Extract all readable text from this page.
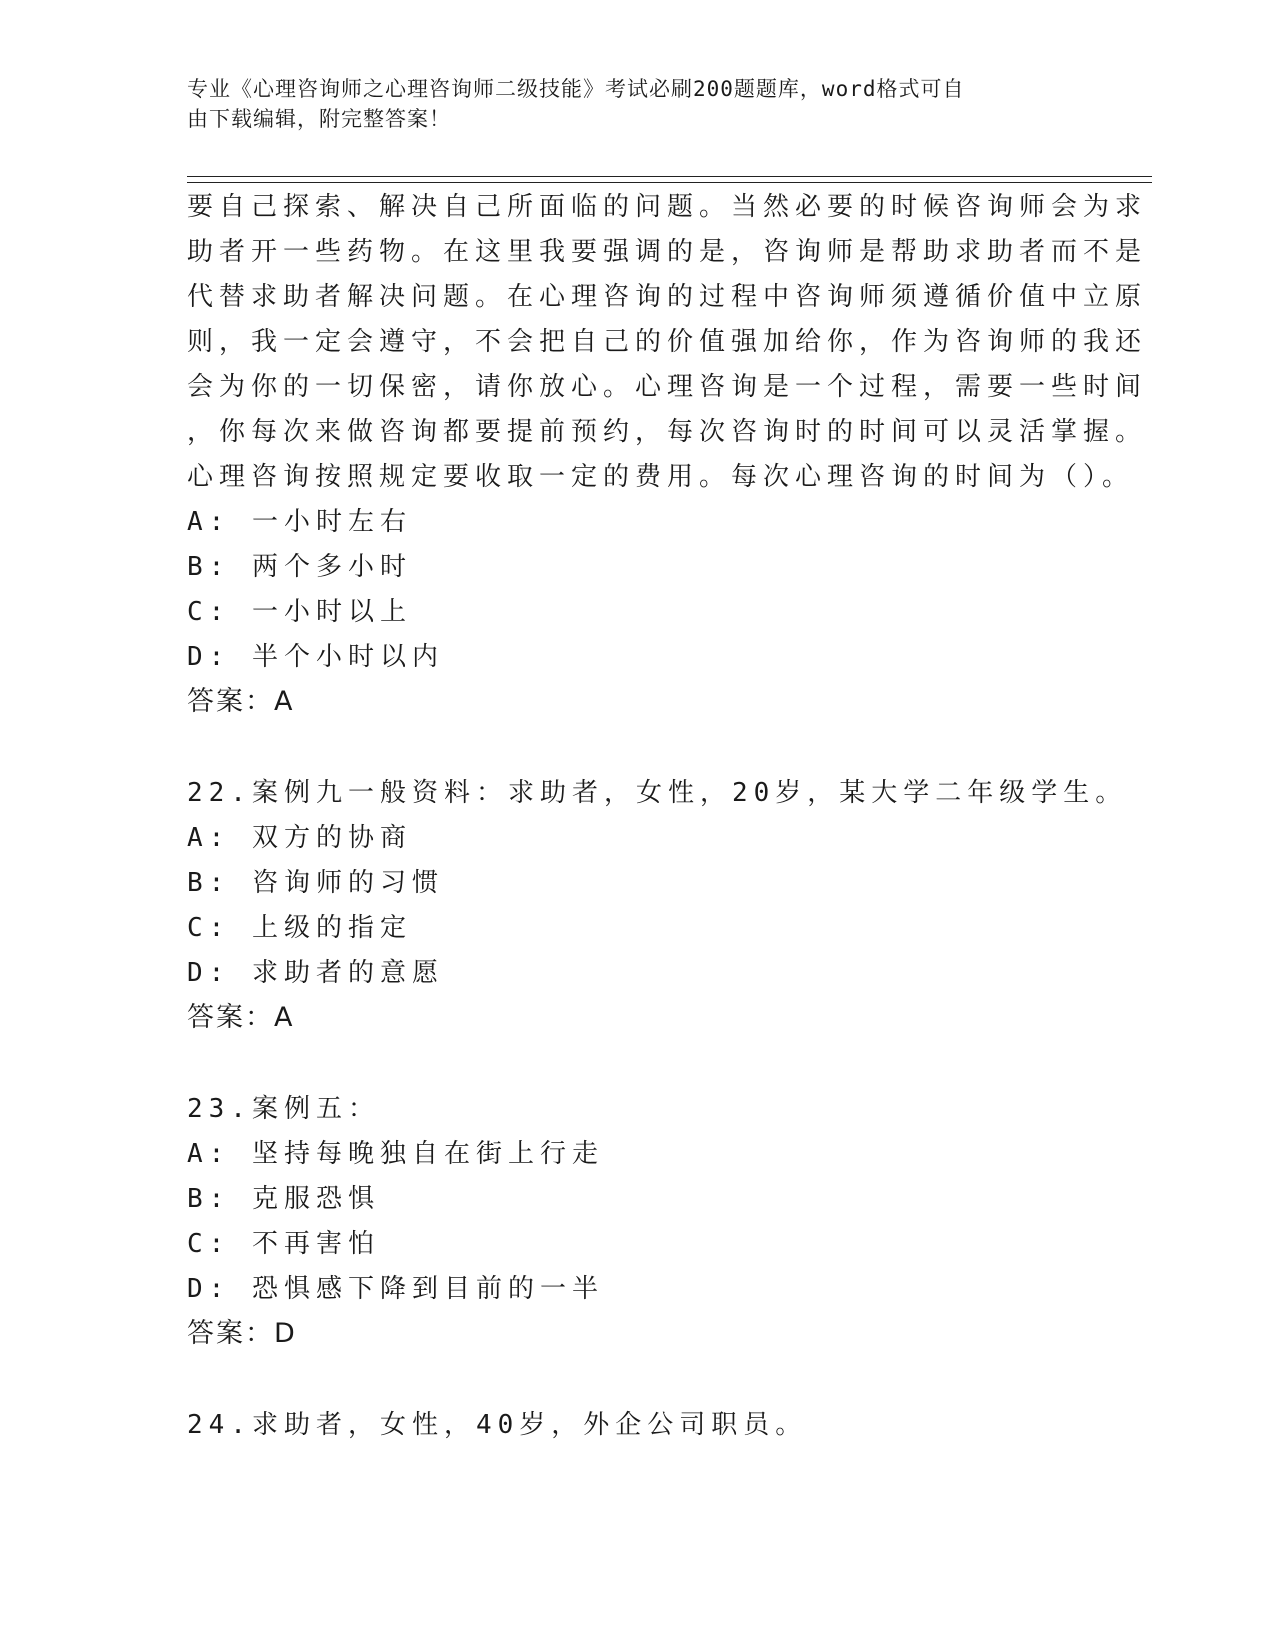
专业《心理咨询师之心理咨询师二级技能》考试必刷200题题库，word格式可自
由下载编辑，附完整答案！
要自己探索、解决自己所面临的问题。当然必要的时候咨询师会为求
助者开一些药物。在这里我要强调的是，咨询师是帮助求助者而不是
代替求助者解决问题。在心理咨询的过程中咨询师须遵循价值中立原
则，我一定会遵守，不会把自己的价值强加给你，作为咨询师的我还
会为你的一切保密，请你放心。心理咨询是一个过程，需要一些时间
，你每次来做咨询都要提前预约，每次咨询时的时间可以灵活掌握。
心理咨询按照规定要收取一定的费用。每次心理咨询的时间为（）。
A: 一小时左右
B: 两个多小时
C: 一小时以上
D: 半个小时以内
答案：A
22.案例九一般资料：求助者，女性，20岁，某大学二年级学生。
A: 双方的协商
B: 咨询师的习惯
C: 上级的指定
D: 求助者的意愿
答案：A
23.案例五：
A: 坚持每晚独自在街上行走
B: 克服恐惧
C: 不再害怕
D: 恐惧感下降到目前的一半
答案：D
24.求助者，女性，40岁，外企公司职员。
